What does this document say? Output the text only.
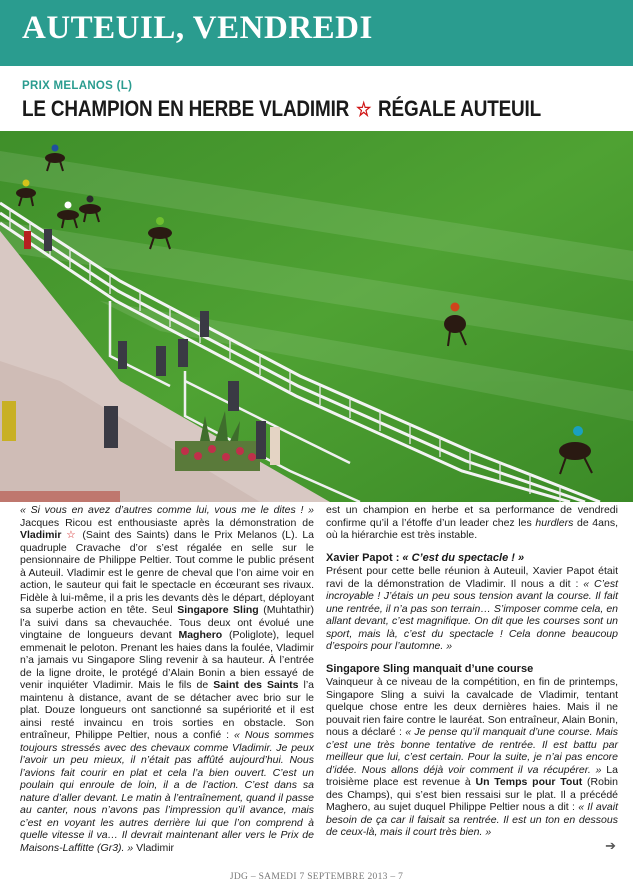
AUTEUIL, VENDREDI
PRIX MELANOS (L)
LE CHAMPION EN HERBE VLADIMIR ☆ RÉGALE AUTEUIL

« Si vous en avez d’autres comme lui, vous me le dites ! » Jacques Ricou est enthousiaste après la démonstration de Vladimir ☆ (Saint des Saints) dans le Prix Melanos (L). La quadruple Cravache d’or s’est régalée en selle sur le pensionnaire de Philippe Peltier. Tout comme le public présent à Auteuil. Vladimir est le genre de cheval que l’on aime voir en action, le sauteur qui fait le spectacle en écœurant ses rivaux. Fidèle à lui-même, il a pris les devants dès le départ, déployant sa superbe action en tête. Seul Singapore Sling (Muhtathir) l’a suivi dans sa chevauchée. Tous deux ont évolué une vingtaine de longueurs devant Maghero (Poliglote), lequel emmenait le peloton. Prenant les haies dans la foulée, Vladimir n’a jamais vu Singapore Sling revenir à sa hauteur. À l’entrée de la ligne droite, le protégé d’Alain Bonin a bien essayé de venir inquiéter Vladimir. Mais le fils de Saint des Saints l’a maintenu à distance, avant de se détacher avec brio sur le plat. Douze longueurs ont sanctionné sa supériorité et il est ainsi resté invaincu en trois sorties en obstacle. Son entraîneur, Philippe Peltier, nous a confié : « Nous sommes toujours stressés avec des chevaux comme Vladimir. Je peux l’avoir un peu mieux, il n’était pas affûté aujourd’hui. Nous l’avions fait courir en plat et cela l’a bien ouvert. C’est un poulain qui enroule de loin, il a de l’action. C’est dans sa nature d’aller devant. Le matin à l’entraînement, quand il passe au canter, nous n’avons pas l’impression qu’il avance, mais c’est en voyant les autres derrière lui que l’on comprend à quelle vitesse il va… Il devrait maintenant aller vers le Prix de Maisons-Laffitte (Gr3). » Vladimir

est un champion en herbe et sa performance de vendredi confirme qu’il a l’étoffe d’un leader chez les hurdlers de 4ans, où la hiérarchie est très instable.

Xavier Papot : « C’est du spectacle ! »

Présent pour cette belle réunion à Auteuil, Xavier Papot était ravi de la démonstration de Vladimir. Il nous a dit : « C’est incroyable ! J’étais un peu sous tension avant la course. Il fait une rentrée, il n’a pas son terrain… S’imposer comme cela, en allant devant, c’est magnifique. On dit que les courses sont un sport, mais là, c’est du spectacle ! Cela donne beaucoup d’espoirs pour l’automne. »

Singapore Sling manquait d’une course

Vainqueur à ce niveau de la compétition, en fin de printemps, Singapore Sling a suivi la cavalcade de Vladimir, tentant quelque chose entre les deux dernières haies. Mais il ne pouvait rien faire contre le lauréat. Son entraîneur, Alain Bonin, nous a déclaré : « Je pense qu’il manquait d’une course. Mais c’est une très bonne tentative de rentrée. Il est battu par meilleur que lui, c’est certain. Pour la suite, je n’ai pas encore d’idée. Nous allons déjà voir comment il va récupérer. » La troisième place est revenue à Un Temps pour Tout (Robin des Champs), qui s’est bien ressaisi sur le plat. Il a précédé Maghero, au sujet duquel Philippe Peltier nous a dit : « Il avait besoin de ça car il faisait sa rentrée. Il est un ton en dessous de ceux-là, mais il court très bien. »

➔
JDG – SAMEDI 7 SEPTEMBRE 2013 – 7
